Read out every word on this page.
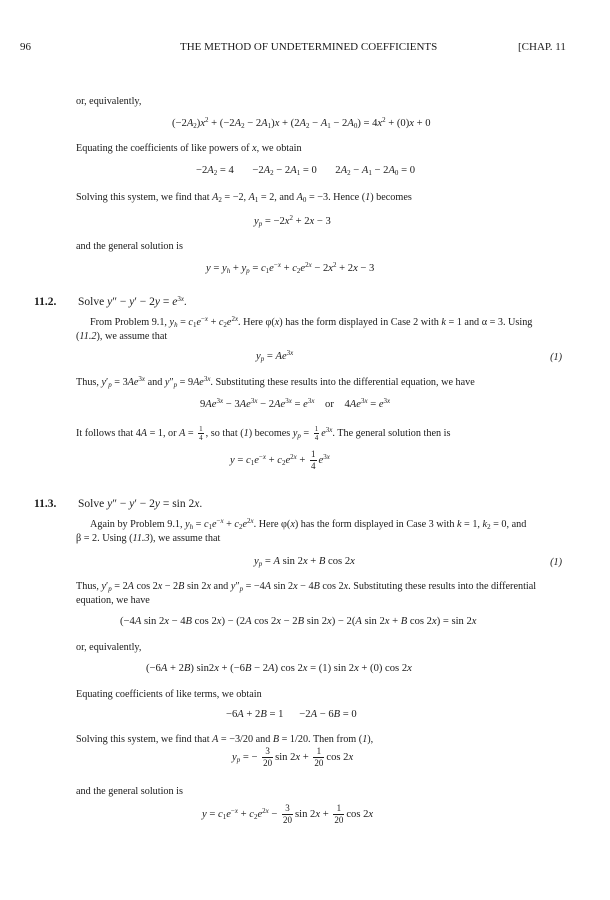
96	THE METHOD OF UNDETERMINED COEFFICIENTS	[CHAP. 11
or, equivalently,
$(-2A_2)x^2 + (-2A_2 - 2A_1)x + (2A_2 - A_1 - 2A_0) = 4x^2 + (0)x + 0$
Equating the coefficients of like powers of x, we obtain
$-2A_2 = 4$       $-2A_2 - 2A_1 = 0$       $2A_2 - A_1 - 2A_0 = 0$
Solving this system, we find that $A_2 = -2$, $A_1 = 2$, and $A_0 = -3$. Hence (1) becomes
$y_p = -2x^2 + 2x - 3$
and the general solution is
$y = y_h + y_p = c_1e^{-x} + c_2e^{2x} - 2x^2 + 2x - 3$
11.2. Solve $y'' - y' - 2y = e^{3x}$.
From Problem 9.1, $y_h = c_1e^{-x} + c_2e^{2x}$. Here φ(x) has the form displayed in Case 2 with k = 1 and α = 3. Using
(11.2), we assume that
$y_p = Ae^{3x}$	(1)
Thus, $y'_p = 3Ae^{3x}$ and $y''_p = 9Ae^{3x}$. Substituting these results into the differential equation, we have
$9Ae^{3x} - 3Ae^{3x} - 2Ae^{3x} = e^{3x}$ or    $4Ae^{3x} = e^{3x}$
It follows that 4A = 1, or $A = \frac{1}{4}$ , so that (1) becomes $y_p = \frac{1}{4} e^{3x}$. The general solution then is
$y = c_1e^{-x} + c_2e^{2x} + \frac{1}{4} e^{3x}$
11.3. Solve y″ − y′ − 2y = sin 2x.
Again by Problem 9.1, $y_h = c_1e^{-x} + c_2e^{2x}$. Here φ(x) has the form displayed in Case 3 with k = 1, $k_2 = 0$, and
β = 2. Using (11.3), we assume that
$y_p = A$ sin 2x + B cos 2x	(1)
Thus, $y'_p = 2A$ cos 2x − 2B sin 2x and $y''_p = -4A$ sin 2x − 4B cos 2x. Substituting these results into the differential
equation, we have
(−4A sin 2x − 4B cos 2x) − (2A cos 2x − 2B sin 2x) − 2(A sin 2x + B cos 2x) = sin 2x
or, equivalently,
(−6A + 2B) sin2x + (−6B − 2A) cos 2x = (1) sin 2x + (0) cos 2x
Equating coefficients of like terms, we obtain
−6A + 2B = 1      −2A − 6B = 0
Solving this system, we find that A = −3/20 and B = 1/20. Then from (1),
$y_p$ = − $\frac{3}{20}$ $\sin 2x + \frac{1}{20}$ cos 2x
and the general solution is
$y = c_1e^{-x} + c_2e^{2x} - \frac{3}{20}$ $\sin 2x + \frac{1}{20}$ cos 2x
